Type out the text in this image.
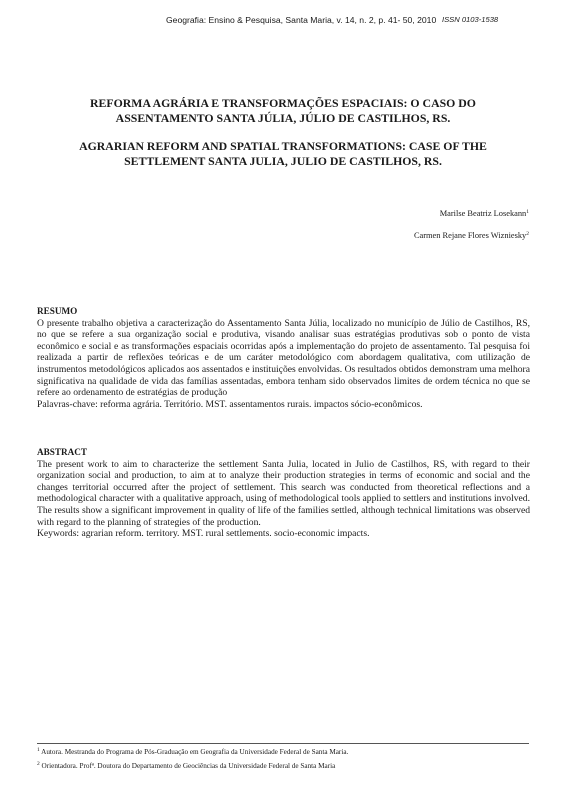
Geografia: Ensino & Pesquisa, Santa Maria, v. 14, n. 2, p. 41- 50, 2010 ISSN 0103-1538
REFORMA AGRÁRIA E TRANSFORMAÇÕES ESPACIAIS: O CASO DO
ASSENTAMENTO SANTA JÚLIA, JÚLIO DE CASTILHOS, RS.
AGRARIAN REFORM AND SPATIAL TRANSFORMATIONS: CASE OF THE
SETTLEMENT SANTA JULIA, JULIO DE CASTILHOS, RS.
Marilse Beatriz Losekann$^1$
Carmen Rejane Flores Wizniesky$^2$
RESUMO

O presente trabalho objetiva a caracterização do Assentamento Santa Júlia, localizado no município de Júlio de Castilhos, RS, no que se refere a sua organização social e produtiva, visando analisar suas estratégias produtivas sob o ponto de vista econômico e social e as transformações espaciais ocorridas após a implementação do projeto de assentamento. Tal pesquisa foi realizada a partir de reflexões teóricas e de um caráter metodológico com abordagem qualitativa, com utilização de instrumentos metodológicos aplicados aos assentados e instituições envolvidas. Os resultados obtidos demonstram uma melhora significativa na qualidade de vida das famílias assentadas, embora tenham sido observados limites de ordem técnica no que se refere ao ordenamento de estratégias de produção

Palavras-chave: reforma agrária. Território. MST. assentamentos rurais. impactos sócio-econômicos.

ABSTRACT

The present work to aim to characterize the settlement Santa Julia, located in Julio de Castilhos, RS, with regard to their organization social and production, to aim at to analyze their production strategies in terms of economic and social and the changes territorial occurred after the project of settlement. This search was conducted from theoretical reflections and a methodological character with a qualitative approach, using of methodological tools applied to settlers and institutions involved. The results show a significant improvement in quality of life of the families settled, although technical limitations was observed with regard to the planning of strategies of the production.

Keywords: agrarian reform. territory. MST. rural settlements. socio-economic impacts.

$^1$ Autora. Mestranda do Programa de Pós-Graduação em Geografia da Universidade Federal de Santa Maria.
$^2$ Orientadora. Profª. Doutora do Departamento de Geociências da Universidade Federal de Santa Maria
